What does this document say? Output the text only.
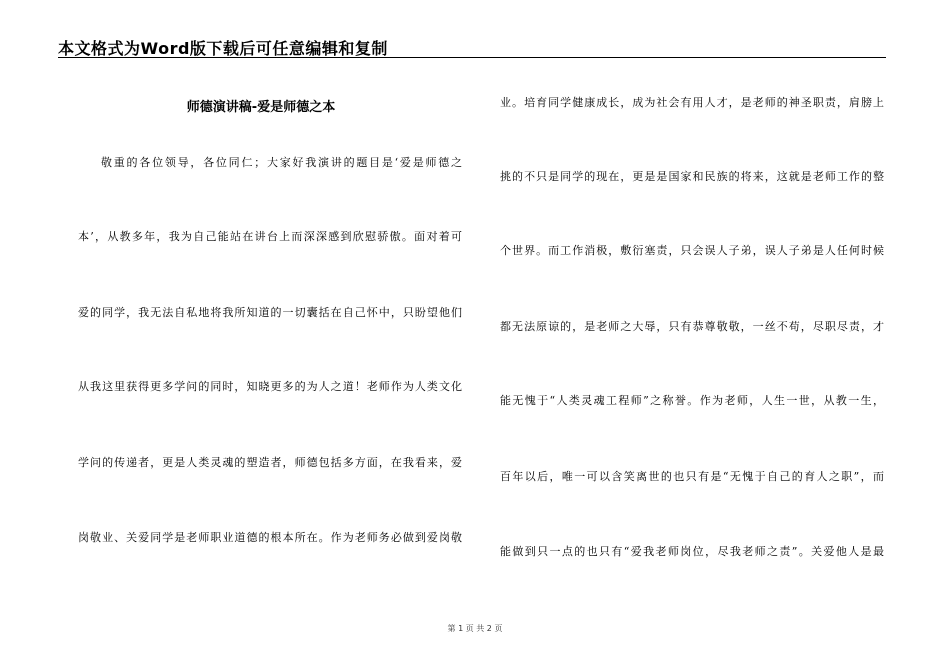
本文格式为Word版下载后可任意编辑和复制
师德演讲稿-爱是师德之本

敬重的各位领导，各位同仁；大家好我演讲的题目是‘爱是师德之

本’，从教多年，我为自己能站在讲台上而深深感到欣慰骄傲。面对着可

爱的同学，我无法自私地将我所知道的一切囊括在自己怀中，只盼望他们

从我这里获得更多学问的同时，知晓更多的为人之道！老师作为人类文化

学问的传递者，更是人类灵魂的塑造者，师德包括多方面，在我看来，爱

岗敬业、关爱同学是老师职业道德的根本所在。作为老师务必做到爱岗敬

业。培育同学健康成长，成为社会有用人才，是老师的神圣职责，肩膀上

挑的不只是同学的现在，更是是国家和民族的将来，这就是老师工作的整

个世界。而工作消极，敷衍塞责，只会误人子弟，误人子弟是人任何时候

都无法原谅的，是老师之大辱，只有恭尊敬敬，一丝不苟，尽职尽责，才

能无愧于“人类灵魂工程师”之称誉。作为老师，人生一世，从教一生，

百年以后，唯一可以含笑离世的也只有是“无愧于自己的育人之职”，而

能做到只一点的也只有“爱我老师岗位，尽我老师之责”。关爱他人是最

第 1 页 共 2 页
